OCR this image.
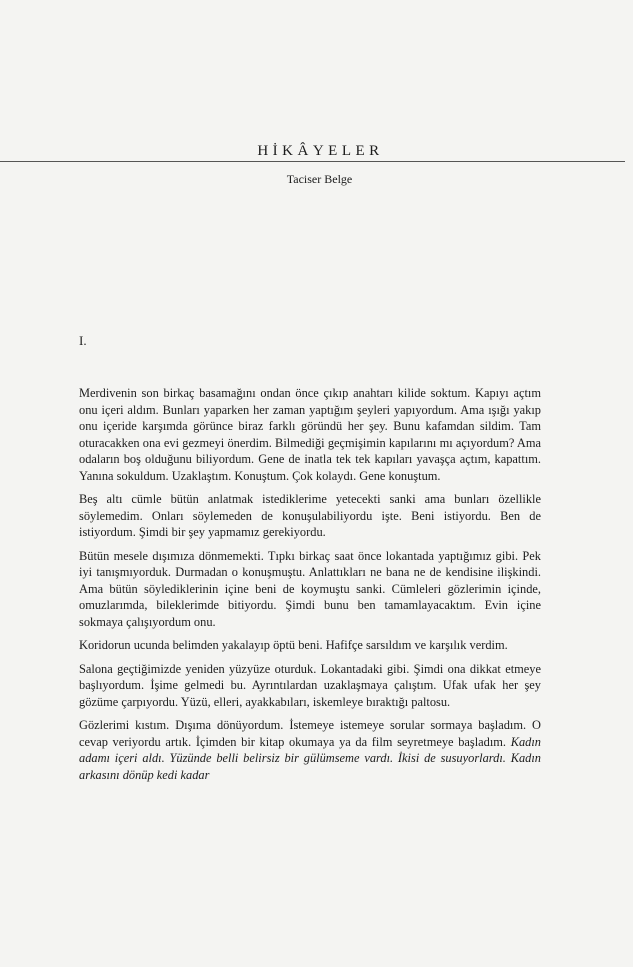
HİKÂYELER
Taciser Belge
I.

Merdivenin son birkaç basamağını ondan önce çıkıp anahtarı kilide soktum. Kapıyı açtım onu içeri aldım. Bunları yaparken her zaman yaptığım şeyleri yapıyordum. Ama ışığı yakıp onu içeride karşımda görünce biraz farklı göründü her şey. Bunu kafamdan sildim. Tam oturacakken ona evi gezmeyi önerdim. Bilmediği geçmişimin kapılarını mı açıyordum? Ama odaların boş olduğunu biliyordum. Gene de inatla tek tek kapıları yavaşça açtım, kapattım. Yanına sokuldum. Uzaklaştım. Konuştum. Çok kolaydı. Gene konuştum.

Beş altı cümle bütün anlatmak istediklerime yetecekti sanki ama bunları özellikle söylemedim. Onları söylemeden de konuşulabiliyordu işte. Beni istiyordu. Ben de istiyordum. Şimdi bir şey yapmamız gerekiyordu.

Bütün mesele dışımıza dönmemekti. Tıpkı birkaç saat önce lokantada yaptığımız gibi. Pek iyi tanışmıyorduk. Durmadan o konuşmuştu. Anlattıkları ne bana ne de kendisine ilişkindi. Ama bütün söylediklerinin içine beni de koymuştu sanki. Cümleleri gözlerimin içinde, omuzlarımda, bileklerimde bitiyordu. Şimdi bunu ben tamamlayacaktım. Evin içine sokmaya çalışıyordum onu.

Koridorun ucunda belimden yakalayıp öptü beni. Hafifçe sarsıldım ve karşılık verdim.

Salona geçtiğimizde yeniden yüzyüze oturduk. Lokantadaki gibi. Şimdi ona dikkat etmeye başlıyordum. İşime gelmedi bu. Ayrıntılardan uzaklaşmaya çalıştım. Ufak ufak her şey gözüme çarpıyordu. Yüzü, elleri, ayakkabıları, iskemleye bıraktığı paltosu.

Gözlerimi kıstım. Dışıma dönüyordum. İstemeye istemeye sorular sormaya başladım. O cevap veriyordu artık. İçimden bir kitap okumaya ya da film seyretmeye başladım. Kadın adamı içeri aldı. Yüzünde belli belirsiz bir gülümseme vardı. İkisi de susuyorlardı. Kadın arkasını dönüp kedi kadar
